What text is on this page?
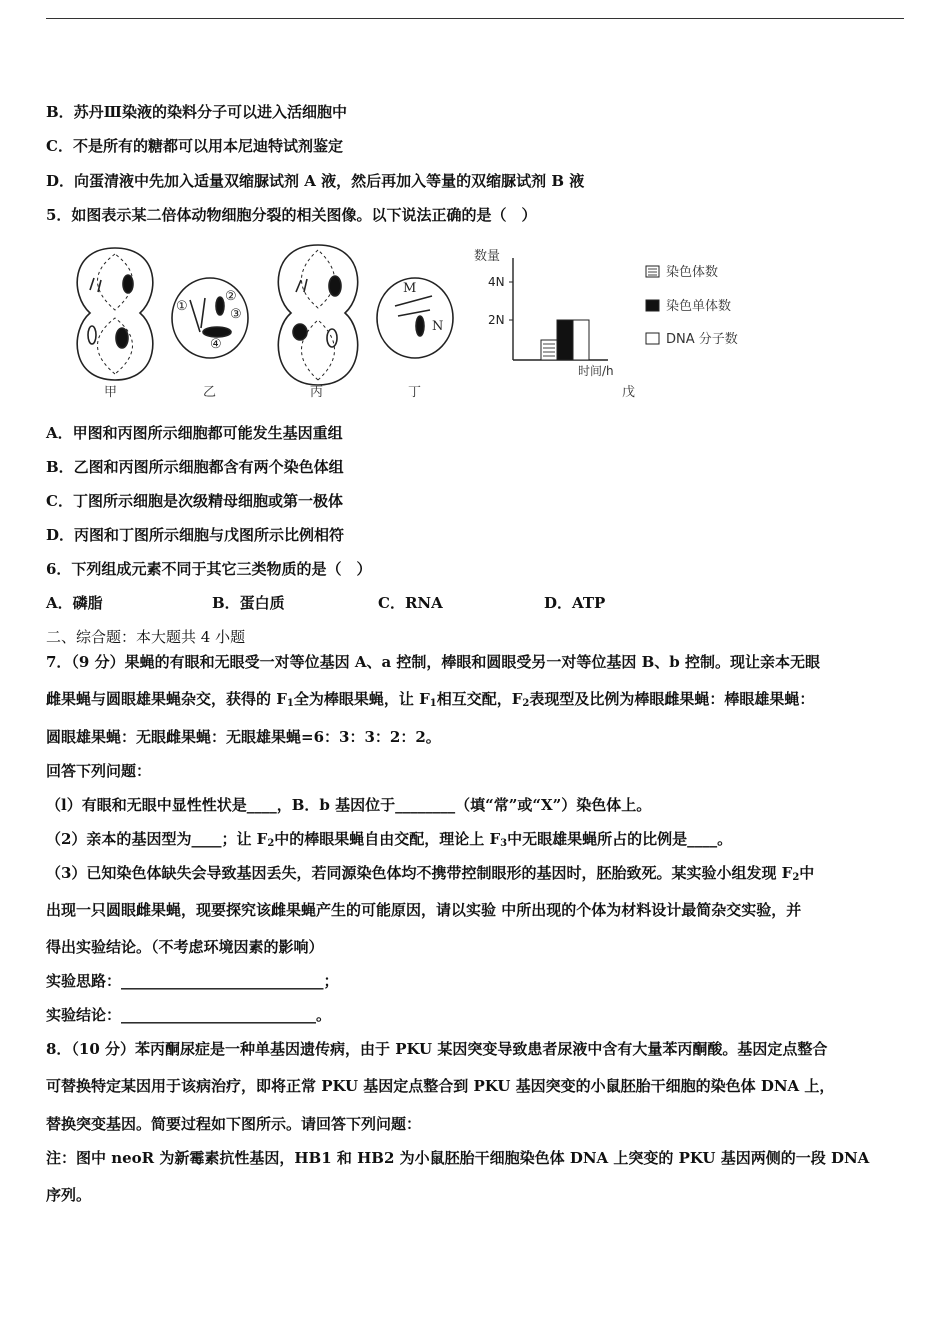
B．苏丹Ⅲ染液的染料分子可以进入活细胞中
C．不是所有的糖都可以用本尼迪特试剂鉴定
D．向蛋清液中先加入适量双缩脲试剂 A 液，然后再加入等量的双缩脲试剂 B 液
5．如图表示某二倍体动物细胞分裂的相关图像。以下说法正确的是（　）
①
②
③
④
M
N
数量
4N
2N
时间/h
染色体数
染色单体数
DNA 分子数
甲	乙	丙	丁	戊
A．甲图和丙图所示细胞都可能发生基因重组
B．乙图和丙图所示细胞都含有两个染色体组
C．丁图所示细胞是次级精母细胞或第一极体
D．丙图和丁图所示细胞与戊图所示比例相符
6．下列组成元素不同于其它三类物质的是（　）
A．磷脂	B．蛋白质	C．RNA	D．ATP
二、综合题：本大题共 4 小题
7．（9 分）果蝇的有眼和无眼受一对等位基因 A、a 控制，棒眼和圆眼受另一对等位基因 B、b 控制。现让亲本无眼
雌果蝇与圆眼雄果蝇杂交，获得的 $F_1$全为棒眼果蝇，让 $F_1$相互交配，$F_2$表现型及比例为棒眼雌果蝇：棒眼雄果蝇：
圆眼雄果蝇：无眼雌果蝇：无眼雄果蝇=6：3：3：2：2。
回答下列问题：
（l）有眼和无眼中显性性状是____，B．b 基因位于________（填“常”或“X”）染色体上。
（2）亲本的基因型为____；让 $F_2$中的棒眼果蝇自由交配，理论上 $F_3$中无眼雄果蝇所占的比例是____。
（3）已知染色体缺失会导致基因丢失，若同源染色体均不携带控制眼形的基因时，胚胎致死。某实验小组发现 $F_2$中
出现一只圆眼雌果蝇，现要探究该雌果蝇产生的可能原因，请以实验 中所出现的个体为材料设计最简杂交实验，并
得出实验结论。（不考虑环境因素的影响）
实验思路：___________________________；
实验结论：__________________________。
8．（10 分）苯丙酮尿症是一种单基因遗传病，由于 PKU 某因突变导致患者尿液中含有大量苯丙酮酸。基因定点整合
可替换特定某因用于该病治疗，即将正常 PKU 基因定点整合到 PKU 基因突变的小鼠胚胎干细胞的染色体 DNA 上，
替换突变基因。简要过程如下图所示。请回答下列问题：
注：图中 neoR 为新霉素抗性基因，HB1 和 HB2 为小鼠胚胎干细胞染色体 DNA 上突变的 PKU 基因两侧的一段 DNA
序列。
